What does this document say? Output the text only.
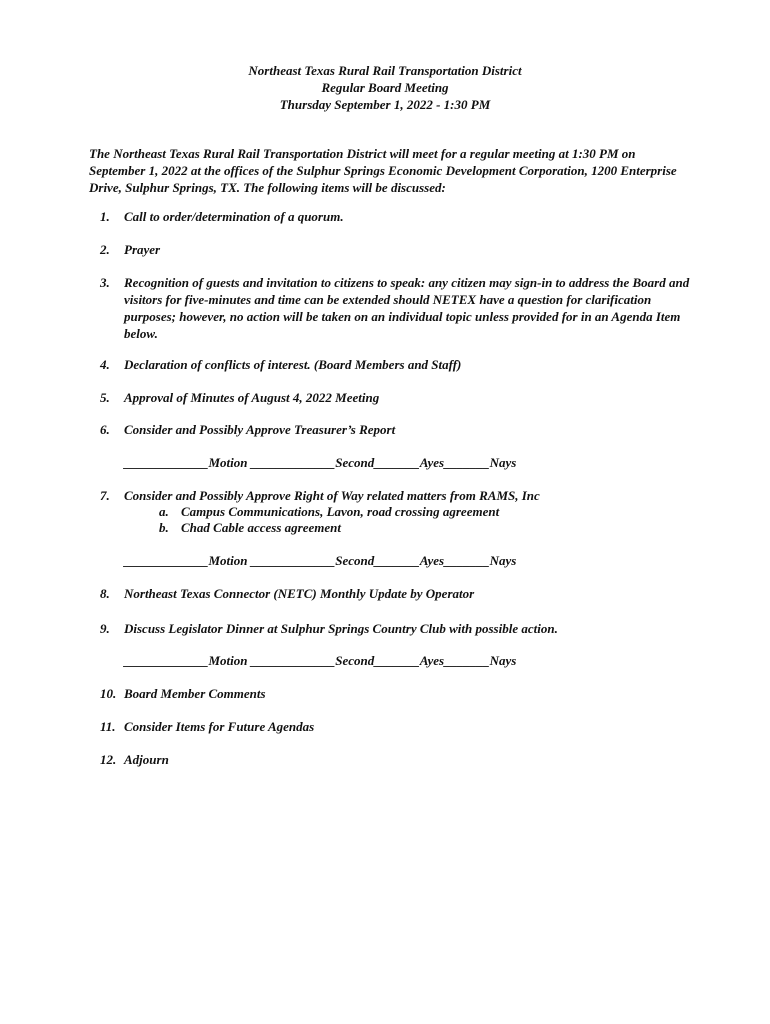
Northeast Texas Rural Rail Transportation District
Regular Board Meeting
Thursday September 1, 2022 - 1:30 PM
The Northeast Texas Rural Rail Transportation District will meet for a regular meeting at 1:30 PM on September 1, 2022 at the offices of the Sulphur Springs Economic Development Corporation, 1200 Enterprise Drive, Sulphur Springs, TX. The following items will be discussed:
1. Call to order/determination of a quorum.
2. Prayer
3. Recognition of guests and invitation to citizens to speak: any citizen may sign-in to address the Board and visitors for five-minutes and time can be extended should NETEX have a question for clarification purposes; however, no action will be taken on an individual topic unless provided for in an Agenda Item below.
4. Declaration of conflicts of interest. (Board Members and Staff)
5. Approval of Minutes of August 4, 2022 Meeting
6. Consider and Possibly Approve Treasurer’s Report
_____________Motion _____________Second_______Ayes_______Nays
7. Consider and Possibly Approve Right of Way related matters from RAMS, Inc
a. Campus Communications, Lavon, road crossing agreement
b. Chad Cable access agreement
_____________Motion _____________Second_______Ayes_______Nays
8. Northeast Texas Connector (NETC) Monthly Update by Operator
9. Discuss Legislator Dinner at Sulphur Springs Country Club with possible action.
_____________Motion _____________Second_______Ayes_______Nays
10. Board Member Comments
11. Consider Items for Future Agendas
12. Adjourn
